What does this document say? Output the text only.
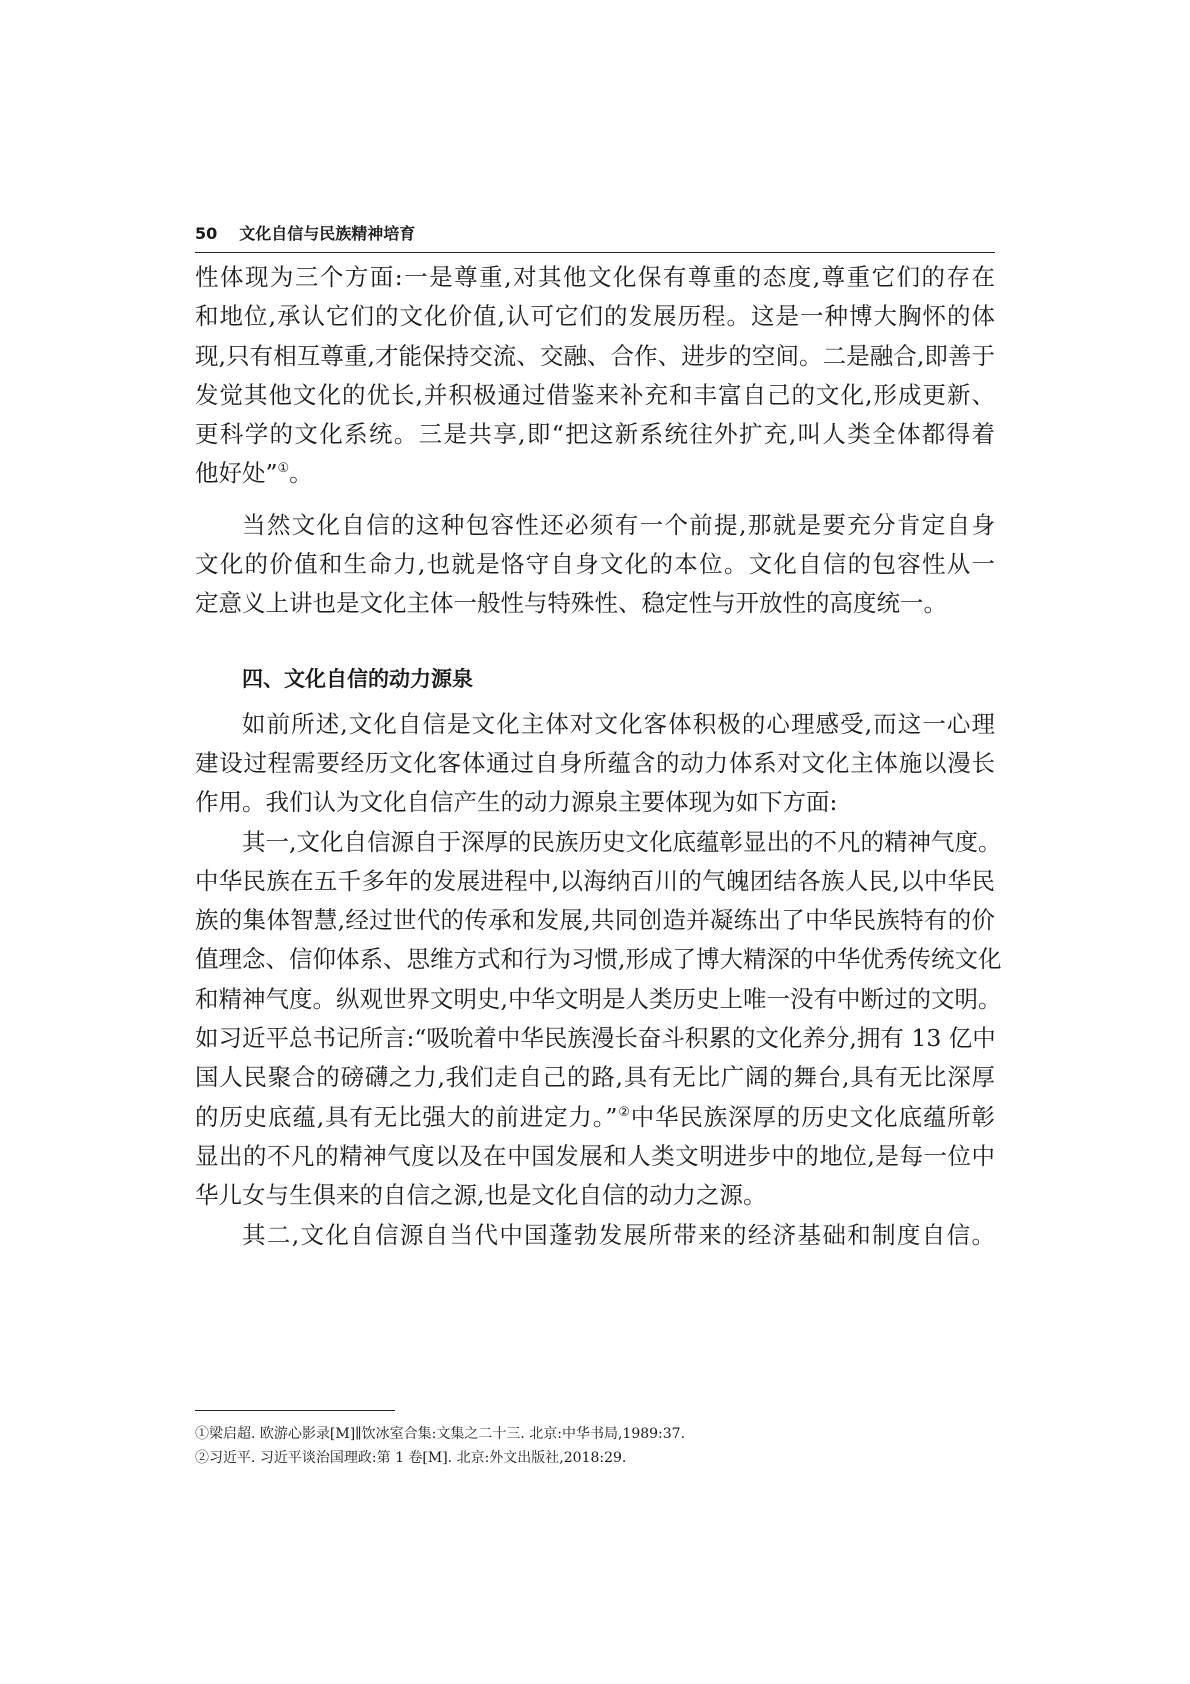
50 文化自信与民族精神培育

性体现为三个方面:一是尊重,对其他文化保有尊重的态度,尊重它们的存在
和地位,承认它们的文化价值,认可它们的发展历程。这是一种博大胸怀的体
现,只有相互尊重,才能保持交流、交融、合作、进步的空间。二是融合,即善于
发觉其他文化的优长,并积极通过借鉴来补充和丰富自己的文化,形成更新、
更科学的文化系统。三是共享,即“把这新系统往外扩充,叫人类全体都得着

他好处”①。

当然文化自信的这种包容性还必须有一个前提,那就是要充分肯定自身
文化的价值和生命力,也就是恪守自身文化的本位。文化自信的包容性从一

定意义上讲也是文化主体一般性与特殊性、稳定性与开放性的高度统一。

四、文化自信的动力源泉

如前所述,文化自信是文化主体对文化客体积极的心理感受,而这一心理
建设过程需要经历文化客体通过自身所蕴含的动力体系对文化主体施以漫长

作用。我们认为文化自信产生的动力源泉主要体现为如下方面:

其一,文化自信源自于深厚的民族历史文化底蕴彰显出的不凡的精神气度。
中华民族在五千多年的发展进程中,以海纳百川的气魄团结各族人民,以中华民
族的集体智慧,经过世代的传承和发展,共同创造并凝练出了中华民族特有的价
值理念、信仰体系、思维方式和行为习惯,形成了博大精深的中华优秀传统文化
和精神气度。纵观世界文明史,中华文明是人类历史上唯一没有中断过的文明。
如习近平总书记所言:“吸吮着中华民族漫长奋斗积累的文化养分,拥有 13 亿中
国人民聚合的磅礴之力,我们走自己的路,具有无比广阔的舞台,具有无比深厚
的历史底蕴,具有无比强大的前进定力。”②中华民族深厚的历史文化底蕴所彰
显出的不凡的精神气度以及在中国发展和人类文明进步中的地位,是每一位中

华儿女与生俱来的自信之源,也是文化自信的动力之源。

其二,文化自信源自当代中国蓬勃发展所带来的经济基础和制度自信。

①梁启超. 欧游心影录[M]∥饮冰室合集:文集之二十三. 北京:中华书局,1989:37.
②习近平. 习近平谈治国理政:第 1 卷[M]. 北京:外文出版社,2018:29.
